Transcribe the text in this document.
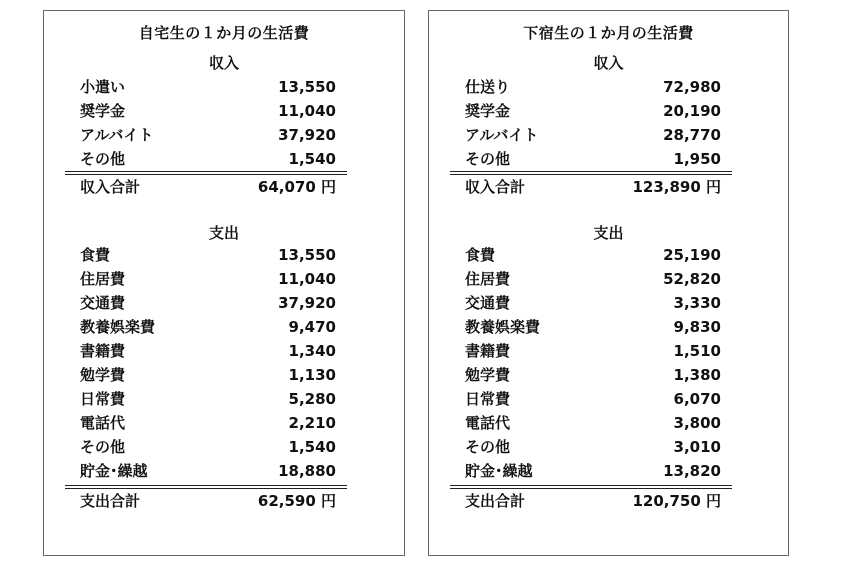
自宅生の１か月の生活費
収入
小遣い	13,550
奨学金	11,040
アルバイト	37,920
その他	1,540
収入合計	64,070 円
支出
食費	13,550
住居費	11,040
交通費	37,920
教養娯楽費	9,470
書籍費	1,340
勉学費	1,130
日常費	5,280
電話代	2,210
その他	1,540
貯金･繰越	18,880
支出合計	62,590 円
下宿生の１か月の生活費
収入
仕送り	72,980
奨学金	20,190
アルバイト	28,770
その他	1,950
収入合計	123,890 円
支出
食費	25,190
住居費	52,820
交通費	3,330
教養娯楽費	9,830
書籍費	1,510
勉学費	1,380
日常費	6,070
電話代	3,800
その他	3,010
貯金･繰越	13,820
支出合計	120,750 円
